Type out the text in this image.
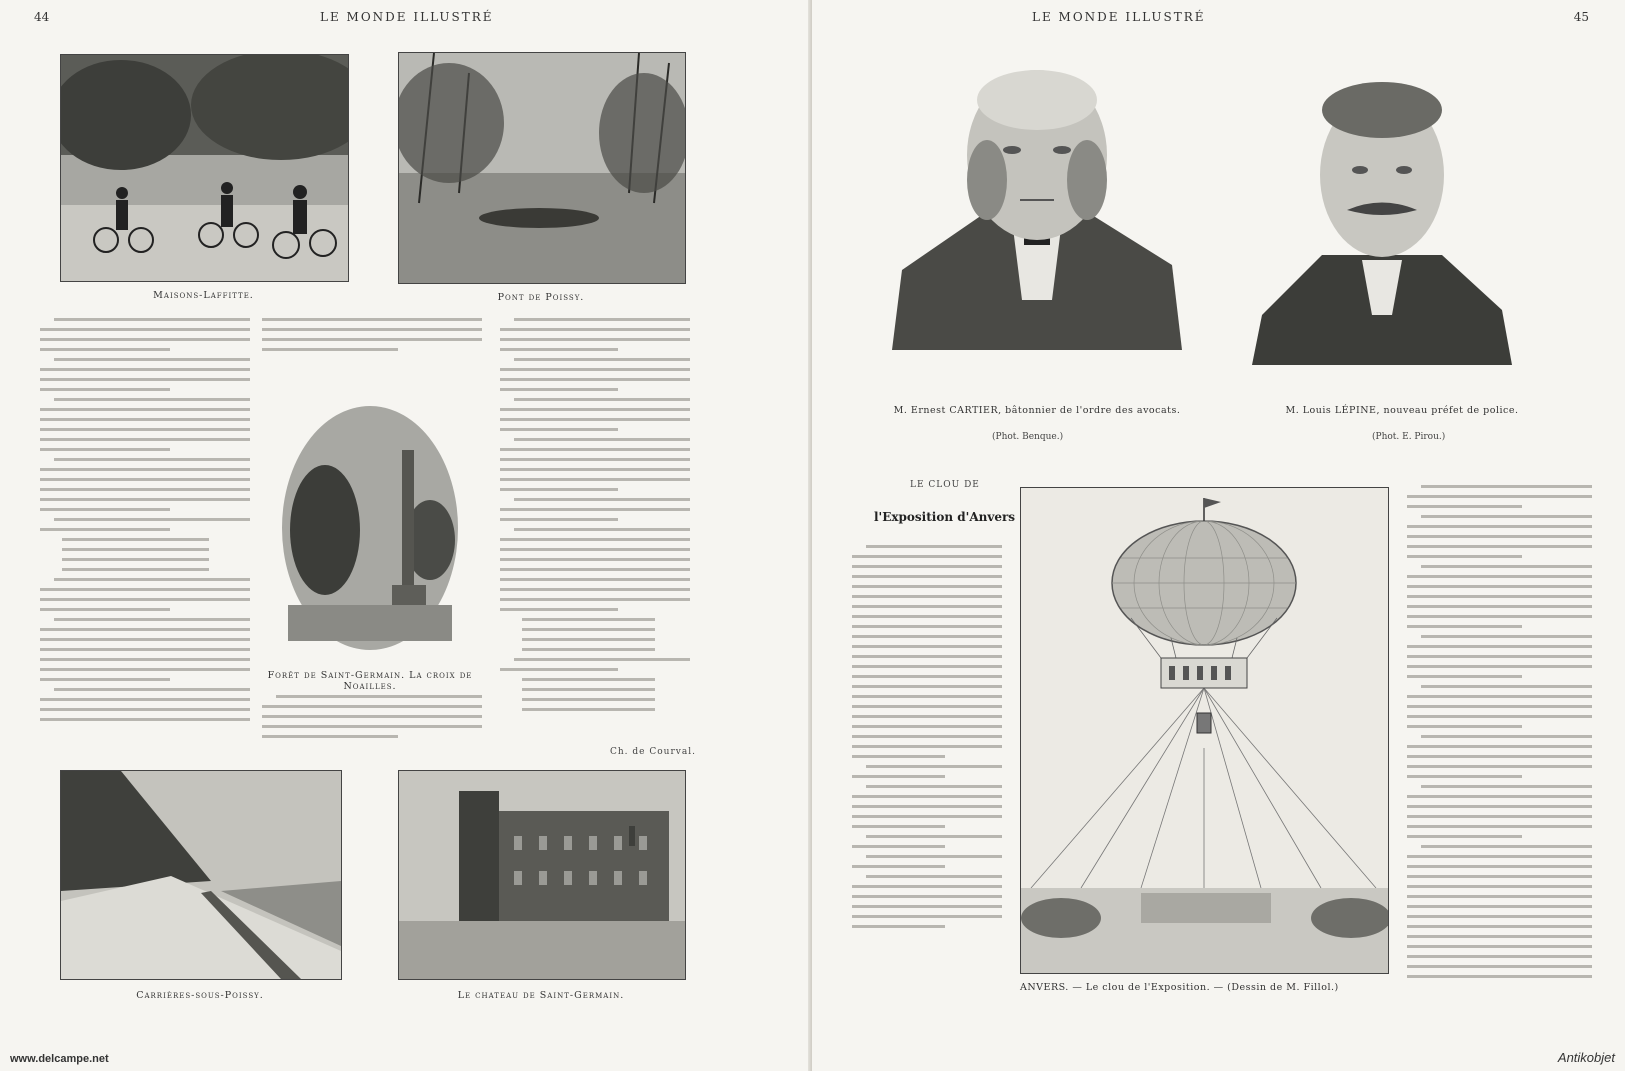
44	LE MONDE ILLUSTRÉ
Maisons-Laffitte.	Pont de Poissy.
Forêt de Saint-Germain. La croix de Noailles.
Ch. de Courval.
Carrières-sous-Poissy.	Le chateau de Saint-Germain.
www.delcampe.net
LE MONDE ILLUSTRÉ	45
M. Ernest CARTIER, bâtonnier de l'ordre des avocats.
(Phot. Benque.)
M. Louis LÉPINE, nouveau préfet de police.
(Phot. E. Pirou.)
LE CLOU DE
l'Exposition d'Anvers
ANVERS. — Le clou de l'Exposition. — (Dessin de M. Fillol.)
Antikobjet
